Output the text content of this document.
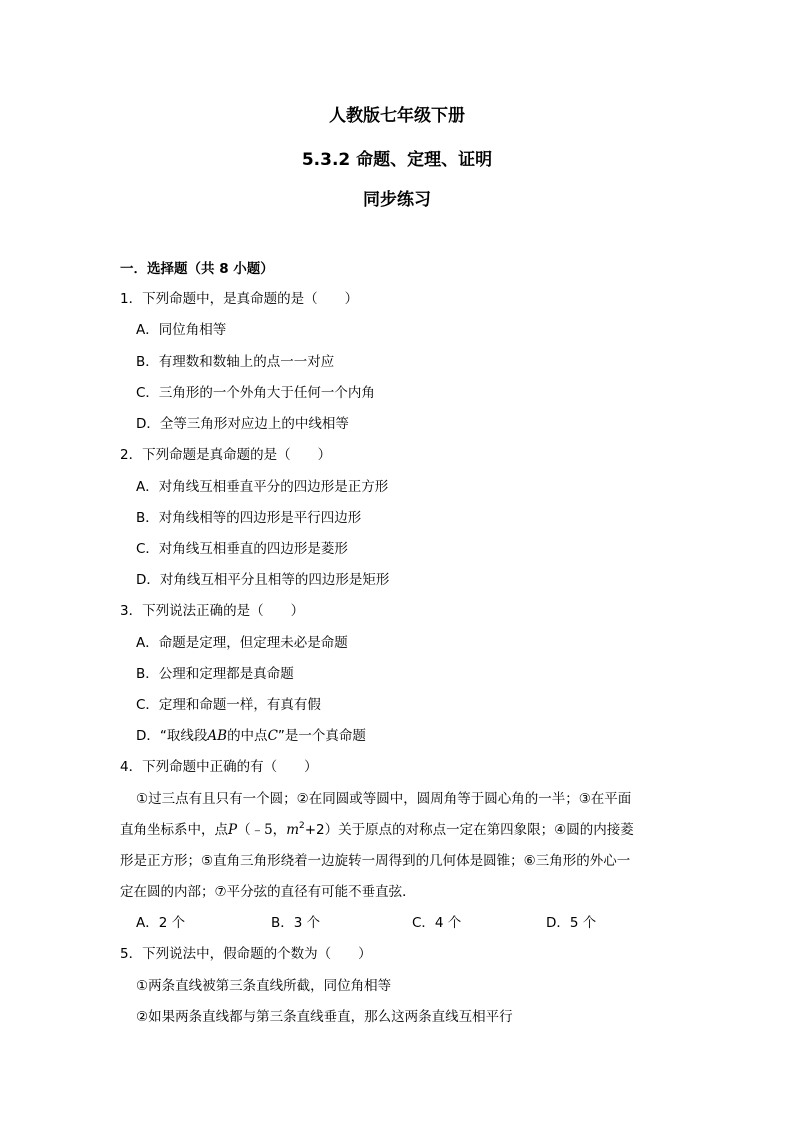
人教版七年级下册
5.3.2 命题、定理、证明
同步练习
一．选择题（共 8 小题）
1．下列命题中，是真命题的是（　　）
A．同位角相等
B．有理数和数轴上的点一一对应
C．三角形的一个外角大于任何一个内角
D．全等三角形对应边上的中线相等
2．下列命题是真命题的是（　　）
A．对角线互相垂直平分的四边形是正方形
B．对角线相等的四边形是平行四边形
C．对角线互相垂直的四边形是菱形
D．对角线互相平分且相等的四边形是矩形
3．下列说法正确的是（　　）
A．命题是定理，但定理未必是命题
B．公理和定理都是真命题
C．定理和命题一样，有真有假
D．“取线段AB的中点C”是一个真命题
4．下列命题中正确的有（　　）
①过三点有且只有一个圆；②在同圆或等圆中，圆周角等于圆心角的一半；③在平面
直角坐标系中，点P（﹣5，$m^2+2$）关于原点的对称点一定在第四象限；④圆的内接菱
形是正方形；⑤直角三角形绕着一边旋转一周得到的几何体是圆锥；⑥三角形的外心一
定在圆的内部；⑦平分弦的直径有可能不垂直弦．
A．2 个	B．3 个	C．4 个	D．5 个
5．下列说法中，假命题的个数为（　　）
①两条直线被第三条直线所截，同位角相等
②如果两条直线都与第三条直线垂直，那么这两条直线互相平行
